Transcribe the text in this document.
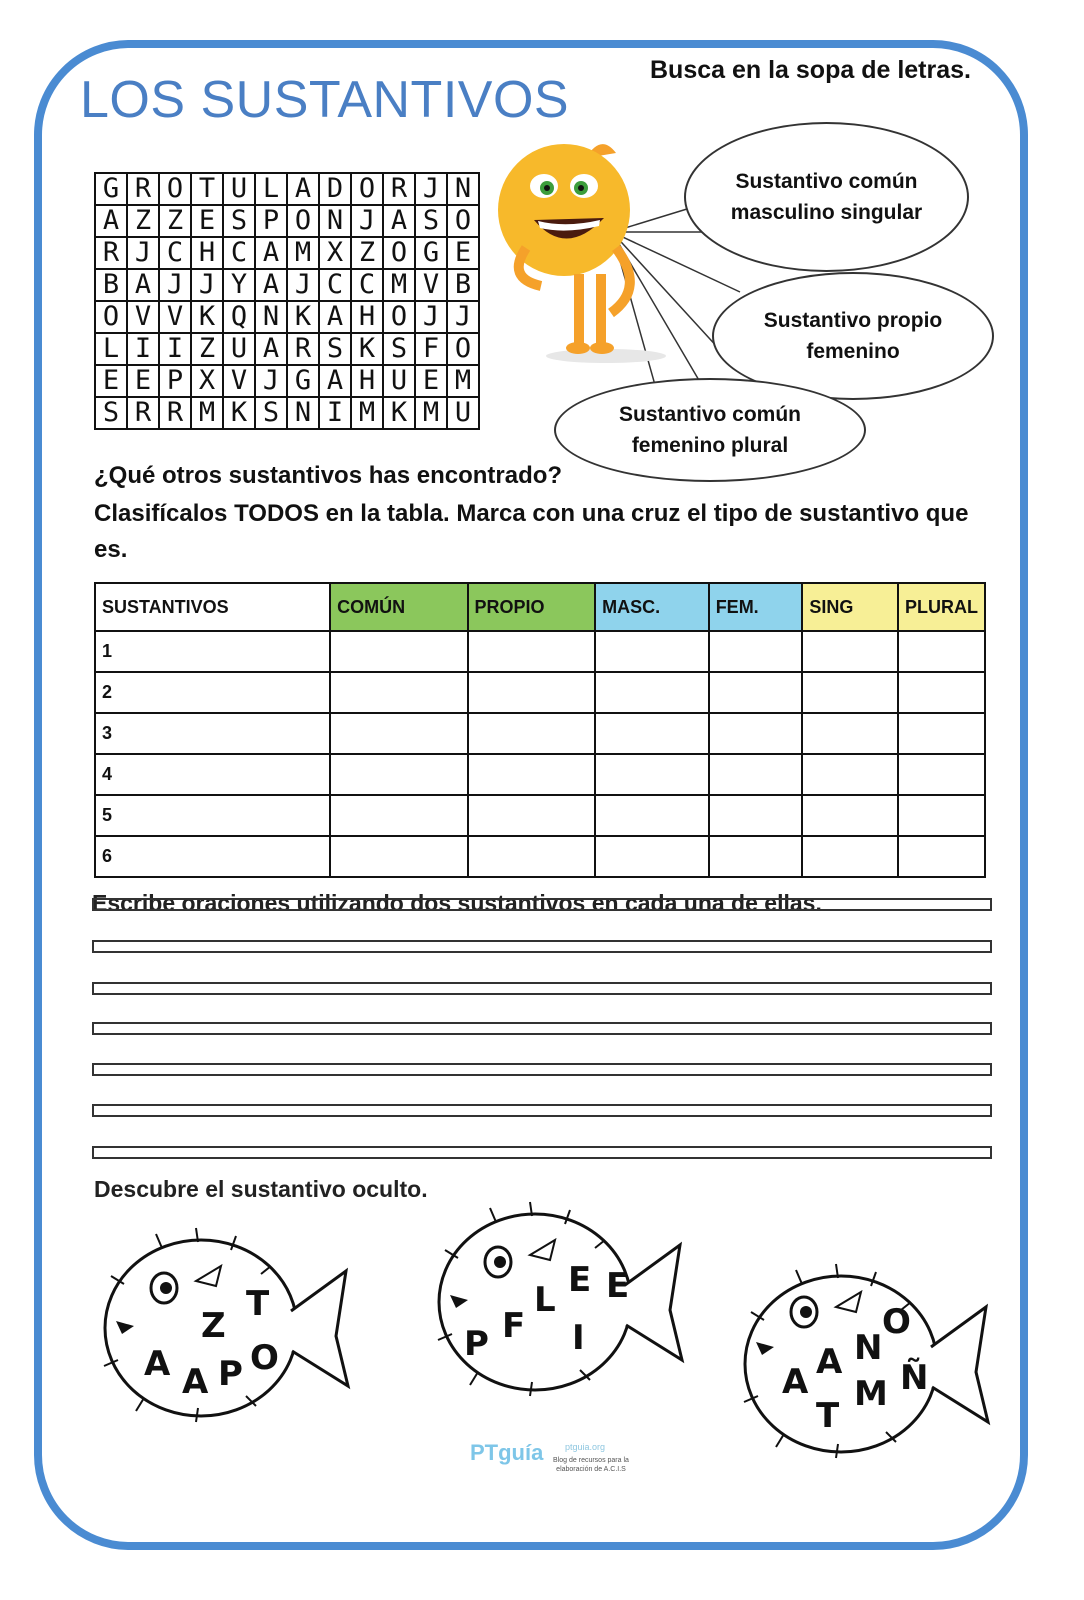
LOS SUSTANTIVOS
Busca en la sopa de letras.
G	R	O	T	U	L	A	D	O	R	J	N
A	Z	Z	E	S	P	O	N	J	A	S	O
R	J	C	H	C	A	M	X	Z	O	G	E
B	A	J	J	Y	A	J	C	C	M	V	B
O	V	V	K	Q	N	K	A	H	O	J	J
L	I	I	Z	U	A	R	S	K	S	F	O
E	E	P	X	V	J	G	A	H	U	E	M
S	R	R	M	K	S	N	I	M	K	M	U
Sustantivo común
masculino singular
Sustantivo propio
femenino
Sustantivo común
femenino plural
¿Qué otros sustantivos has encontrado?
Clasifícalos TODOS en la tabla. Marca con una cruz el tipo de sustantivo que es.
SUSTANTIVOS	COMÚN	PROPIO	MASC.	FEM.	SING	PLURAL
1						
2						
3						
4						
5						
6						
Escribe oraciones utilizando dos sustantivos en cada una de ellas.
Descubre el sustantivo oculto.
T
Z
A A P O
E E
L
F
P I	O
N
A
A M Ñ
T
PTguía ptguia.org
Blog de recursos para la elaboración de A.C.I.S
